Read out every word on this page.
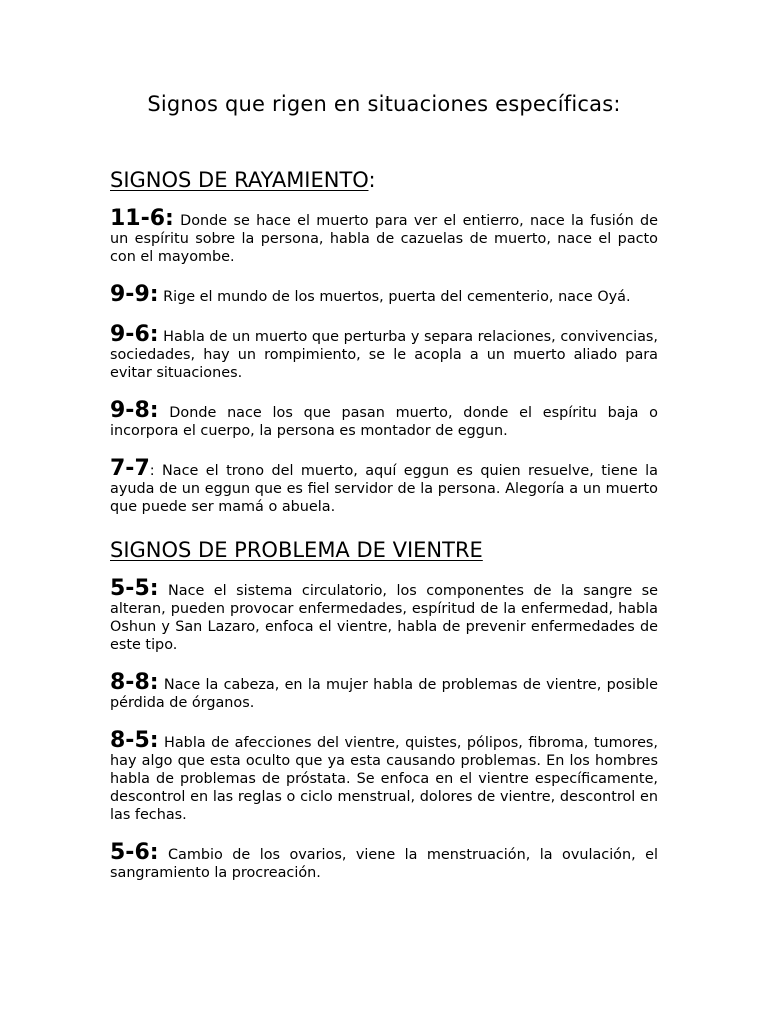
Signos que rigen en situaciones específicas:
SIGNOS DE RAYAMIENTO:

11-6: Donde se hace el muerto para ver el entierro, nace la fusión de un espíritu sobre la persona, habla de cazuelas de muerto, nace el pacto con el mayombe.

9-9: Rige el mundo de los muertos, puerta del cementerio, nace Oyá.

9-6: Habla de un muerto que perturba y separa relaciones, convivencias, sociedades, hay un rompimiento, se le acopla a un muerto aliado para evitar situaciones.

9-8: Donde nace los que pasan muerto, donde el espíritu baja o incorpora el cuerpo, la persona es montador de eggun.

7-7: Nace el trono del muerto, aquí eggun es quien resuelve, tiene la ayuda de un eggun que es fiel servidor de la persona. Alegoría a un muerto que puede ser mamá o abuela.

SIGNOS DE PROBLEMA DE VIENTRE

5-5: Nace el sistema circulatorio, los componentes de la sangre se alteran, pueden provocar enfermedades, espíritud de la enfermedad, habla Oshun y San Lazaro, enfoca el vientre, habla de prevenir enfermedades de este tipo.

8-8: Nace la cabeza, en la mujer habla de problemas de vientre, posible pérdida de órganos.

8-5: Habla de afecciones del vientre, quistes, pólipos, fibroma, tumores, hay algo que esta oculto que ya esta causando problemas. En los hombres habla de problemas de próstata. Se enfoca en el vientre específicamente, descontrol en las reglas o ciclo menstrual, dolores de vientre, descontrol en las fechas.

5-6: Cambio de los ovarios, viene la menstruación, la ovulación, el sangramiento la procreación.
